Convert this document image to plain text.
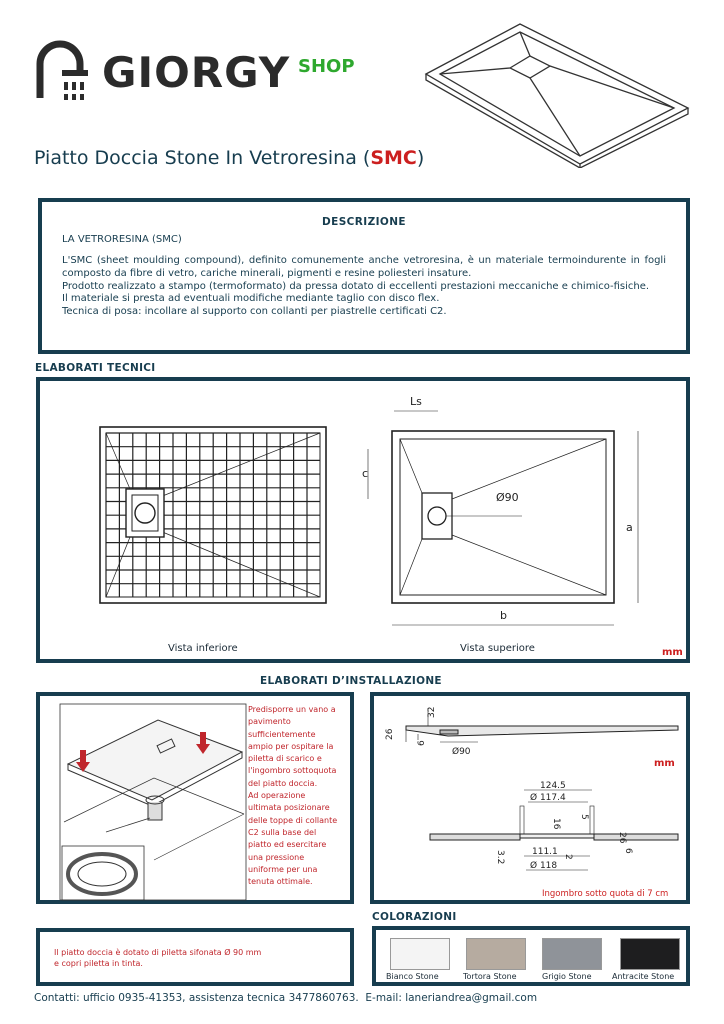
GIORGY SHOP
Piatto Doccia Stone In Vetroresina (SMC)
DESCRIZIONE
LA VETRORESINA (SMC)
L'SMC (sheet moulding compound), definito comunemente anche vetroresina, è un materiale termoindurente in fogli composto da fibre di vetro, cariche minerali, pigmenti e resine poliesteri insature.
Prodotto realizzato a stampo (termoformato) da pressa dotato di eccellenti prestazioni meccaniche e chimico-fisiche.
Il materiale si presta ad eventuali modifiche mediante taglio con disco flex.
Tecnica di posa: incollare al supporto con collanti per piastrelle certificati C2.
ELABORATI TECNICI
Vista inferiore
Ls
Ø90
c
a
b
Vista superiore	mm
ELABORATI D’INSTALLAZIONE
Predisporre un vano a
pavimento
sufficientemente
ampio per ospitare la
piletta di scarico e
l'ingombro sottoquota
del piatto doccia.
Ad operazione
ultimata posizionare
delle toppe di collante
C2 sulla base del
piatto ed esercitare
una pressione
uniforme per una
tenuta ottimale.
32
26
6
Ø90
mm
124.5
Ø 117.4
16
5
26
6
3.2	111.1 2
Ø 118
Ingombro sotto quota di 7 cm
Il piatto doccia è dotato di piletta sifonata Ø 90 mm
e copri piletta in tinta.
COLORAZIONI
Bianco Stone	Tortora Stone	Grigio Stone	Antracite Stone
Contatti: ufficio 0935-41353, assistenza tecnica 3477860763.  E-mail: laneriandrea@gmail.com
